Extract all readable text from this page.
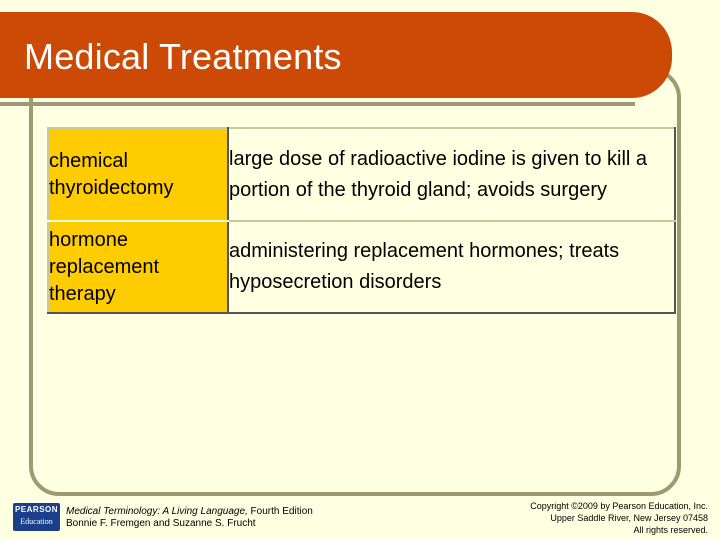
Medical Treatments
chemical thyroidectomy	large dose of radioactive iodine is given to kill a portion of the thyroid gland; avoids surgery
hormone replacement therapy	administering replacement hormones; treats hyposecretion disorders
PEARSON
Education
Medical Terminology: A Living Language, Fourth Edition
Bonnie F. Fremgen and Suzanne S. Frucht
Copyright ©2009 by Pearson Education, Inc.
Upper Saddle River, New Jersey 07458
All rights reserved.
